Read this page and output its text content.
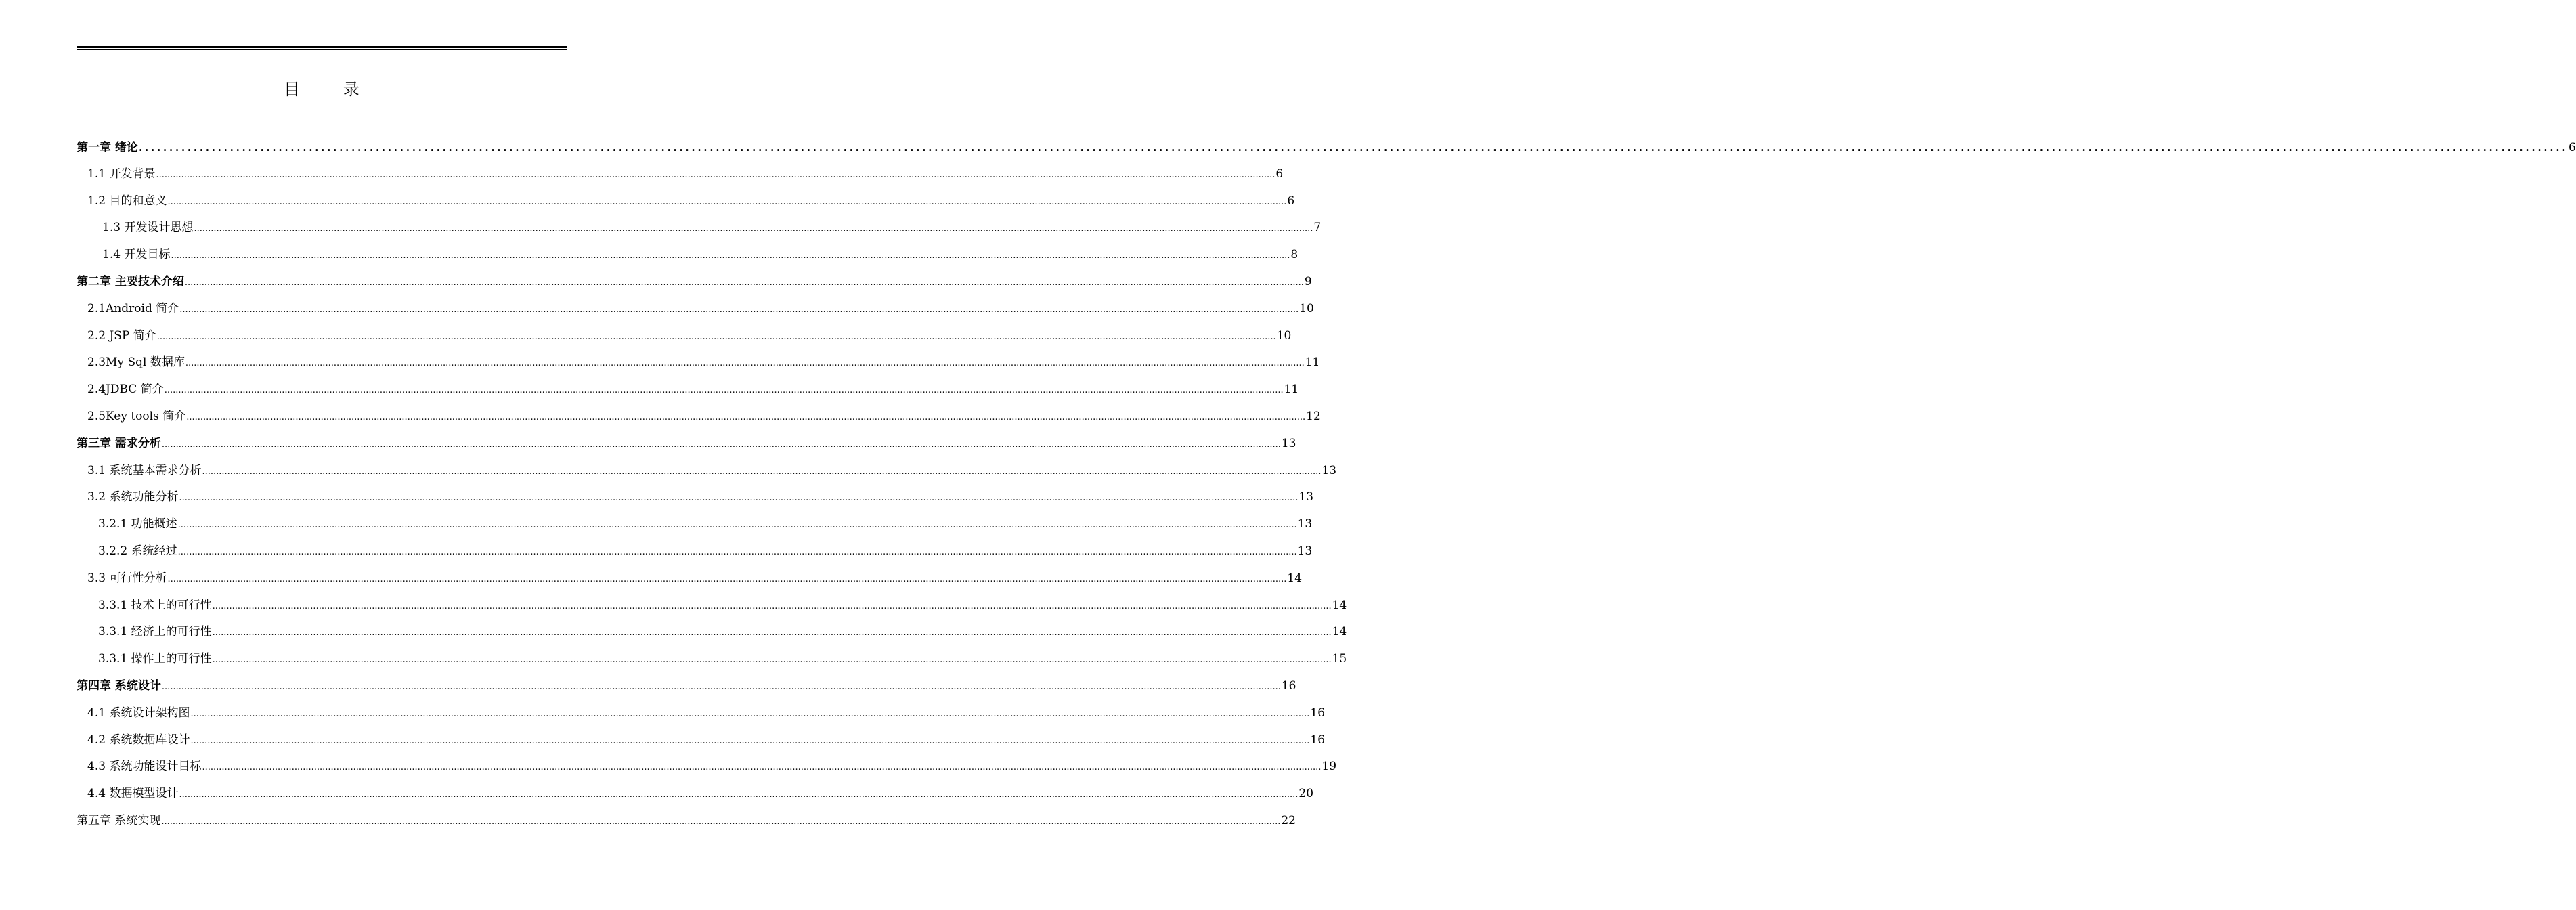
目 录
第一章 绪论 ................................................................................................................................................................................................................................................................................................................................................................................................................ 6
1.1 开发背景 ................................................................................................................................................................................................................................................................................................................................................................................................................ 6
1.2 目的和意义 ................................................................................................................................................................................................................................................................................................................................................................................................................ 6
1.3 开发设计思想 ................................................................................................................................................................................................................................................................................................................................................................................................................ 7
1.4 开发目标 ................................................................................................................................................................................................................................................................................................................................................................................................................ 8
第二章 主要技术介绍 ................................................................................................................................................................................................................................................................................................................................................................................................................ 9
2.1Android 简介 ................................................................................................................................................................................................................................................................................................................................................................................................................ 10
2.2 JSP 简介 ................................................................................................................................................................................................................................................................................................................................................................................................................ 10
2.3My Sql 数据库 ................................................................................................................................................................................................................................................................................................................................................................................................................ 11
2.4JDBC 简介 ................................................................................................................................................................................................................................................................................................................................................................................................................ 11
2.5Key tools 简介 ................................................................................................................................................................................................................................................................................................................................................................................................................ 12
第三章 需求分析 ................................................................................................................................................................................................................................................................................................................................................................................................................ 13
3.1 系统基本需求分析 ................................................................................................................................................................................................................................................................................................................................................................................................................ 13
3.2 系统功能分析 ................................................................................................................................................................................................................................................................................................................................................................................................................ 13
3.2.1 功能概述 ................................................................................................................................................................................................................................................................................................................................................................................................................ 13
3.2.2 系统经过 ................................................................................................................................................................................................................................................................................................................................................................................................................ 13
3.3 可行性分析 ................................................................................................................................................................................................................................................................................................................................................................................................................ 14
3.3.1 技术上的可行性 ................................................................................................................................................................................................................................................................................................................................................................................................................ 14
3.3.1 经济上的可行性 ................................................................................................................................................................................................................................................................................................................................................................................................................ 14
3.3.1 操作上的可行性 ................................................................................................................................................................................................................................................................................................................................................................................................................ 15
第四章 系统设计 ................................................................................................................................................................................................................................................................................................................................................................................................................ 16
4.1 系统设计架构图 ................................................................................................................................................................................................................................................................................................................................................................................................................ 16
4.2 系统数据库设计 ................................................................................................................................................................................................................................................................................................................................................................................................................ 16
4.3 系统功能设计目标 ................................................................................................................................................................................................................................................................................................................................................................................................................ 19
4.4 数据模型设计 ................................................................................................................................................................................................................................................................................................................................................................................................................ 20
第五章 系统实现 ................................................................................................................................................................................................................................................................................................................................................................................................................ 22
